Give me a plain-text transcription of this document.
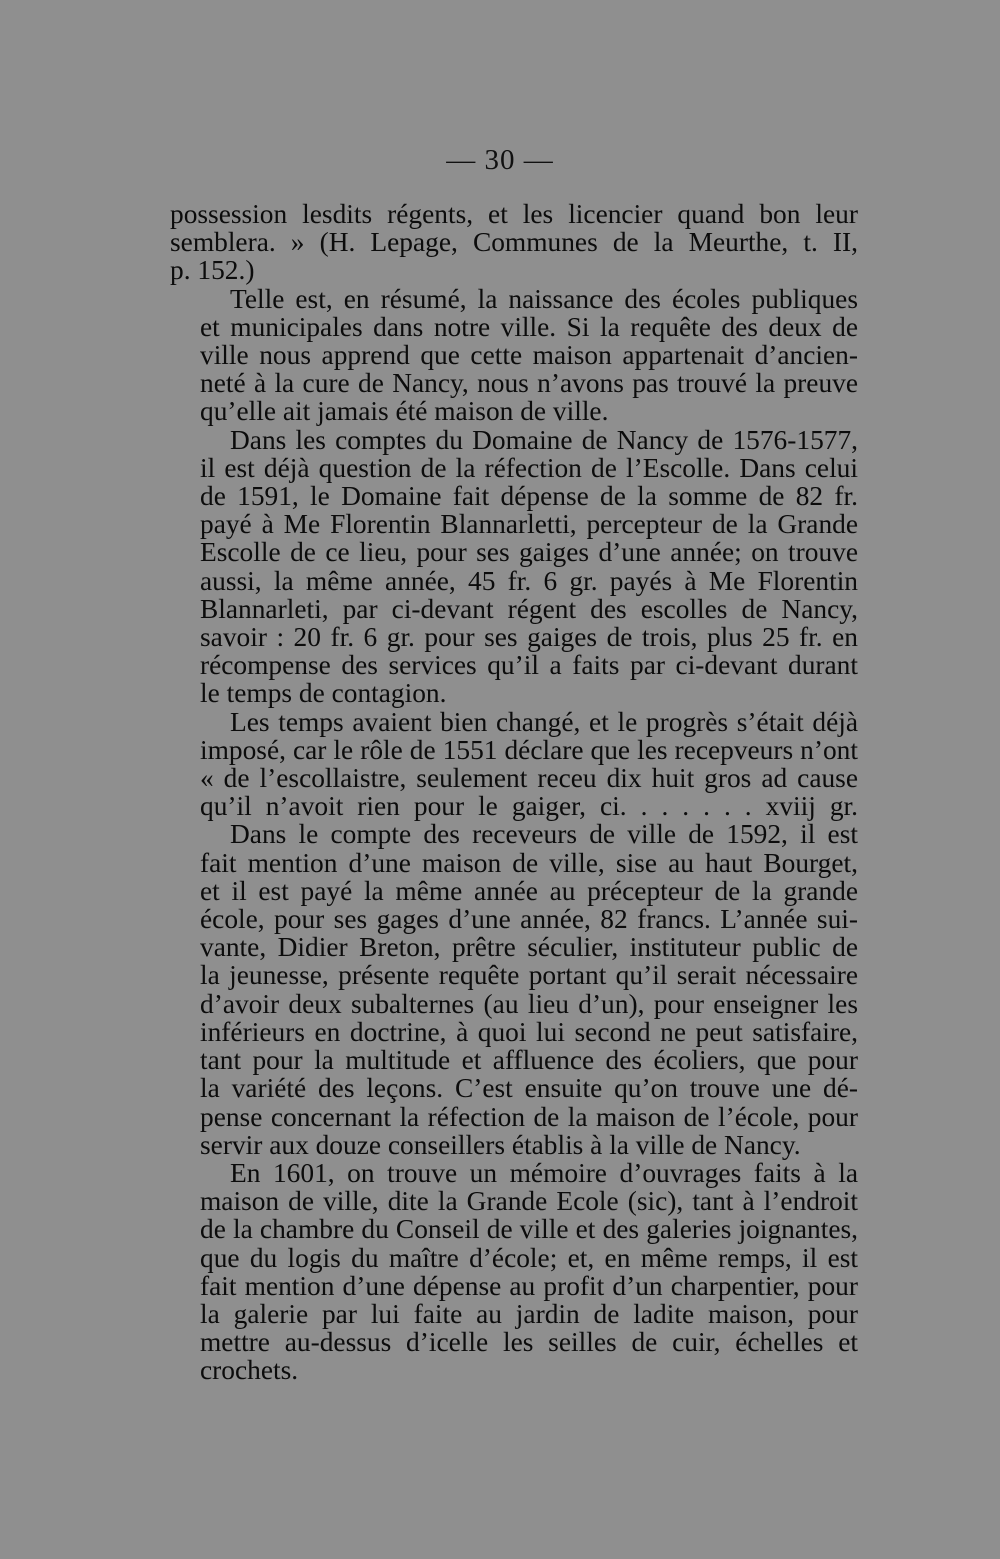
— 30 —

possession lesdits régents, et les licencier quand bon leur
semblera. » (H. Lepage, Communes de la Meurthe, t. II,
p. 152.)

Telle est, en résumé, la naissance des écoles publiques
et municipales dans notre ville. Si la requête des deux de
ville nous apprend que cette maison appartenait d’ancien-
neté à la cure de Nancy, nous n’avons pas trouvé la preuve
qu’elle ait jamais été maison de ville.

Dans les comptes du Domaine de Nancy de 1576-1577,
il est déjà question de la réfection de l’Escolle. Dans celui
de 1591, le Domaine fait dépense de la somme de 82 fr.
payé à Me Florentin Blannarletti, percepteur de la Grande
Escolle de ce lieu, pour ses gaiges d’une année; on trouve
aussi, la même année, 45 fr. 6 gr. payés à Me Florentin
Blannarleti, par ci-devant régent des escolles de Nancy,
savoir : 20 fr. 6 gr. pour ses gaiges de trois, plus 25 fr. en
récompense des services qu’il a faits par ci-devant durant
le temps de contagion.

Les temps avaient bien changé, et le progrès s’était déjà
imposé, car le rôle de 1551 déclare que les recepveurs n’ont
« de l’escollaistre, seulement receu dix huit gros ad cause
qu’il n’avoit rien pour le gaiger, ci. . . . . . . xviij gr.

Dans le compte des receveurs de ville de 1592, il est
fait mention d’une maison de ville, sise au haut Bourget,
et il est payé la même année au précepteur de la grande
école, pour ses gages d’une année, 82 francs. L’année sui-
vante, Didier Breton, prêtre séculier, instituteur public de
la jeunesse, présente requête portant qu’il serait nécessaire
d’avoir deux subalternes (au lieu d’un), pour enseigner les
inférieurs en doctrine, à quoi lui second ne peut satisfaire,
tant pour la multitude et affluence des écoliers, que pour
la variété des leçons. C’est ensuite qu’on trouve une dé-
pense concernant la réfection de la maison de l’école, pour
servir aux douze conseillers établis à la ville de Nancy.

En 1601, on trouve un mémoire d’ouvrages faits à la
maison de ville, dite la Grande Ecole (sic), tant à l’endroit
de la chambre du Conseil de ville et des galeries joignantes,
que du logis du maître d’école; et, en même remps, il est
fait mention d’une dépense au profit d’un charpentier, pour
la galerie par lui faite au jardin de ladite maison, pour
mettre au-dessus d’icelle les seilles de cuir, échelles et
crochets.
